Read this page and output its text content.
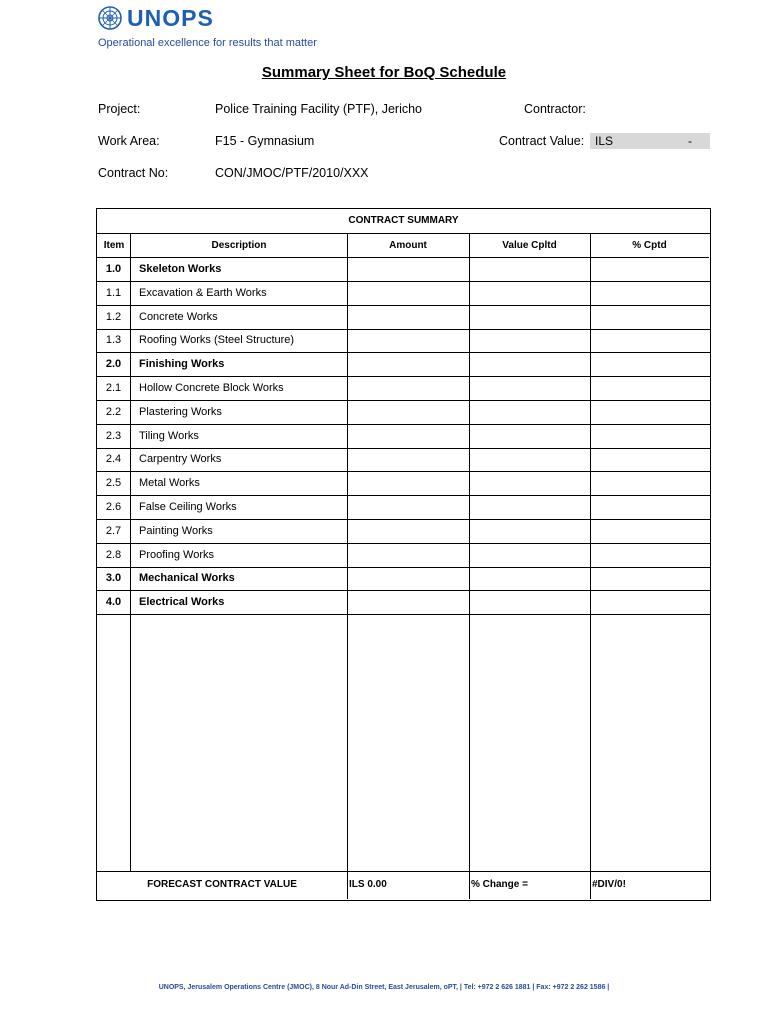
UNOPS
Operational excellence for results that matter
Summary Sheet for BoQ Schedule
Project:	Police Training Facility (PTF), Jericho	Contractor:
Work Area:	F15 - Gymnasium	Contract Value: ILS	-
Contract No:	CON/JMOC/PTF/2010/XXX
CONTRACT SUMMARY
Item	Description	Amount	Value Cpltd	% Cptd
1.0	Skeleton Works
1.1	Excavation & Earth Works
1.2	Concrete Works
1.3	Roofing Works (Steel Structure)
2.0	Finishing Works
2.1	Hollow Concrete Block Works
2.2	Plastering Works
2.3	Tiling Works
2.4	Carpentry Works
2.5	Metal Works
2.6	False Ceiling Works
2.7	Painting Works
2.8	Proofing Works
3.0	Mechanical Works
4.0	Electrical Works
FORECAST CONTRACT VALUE	ILS 0.00	% Change =	#DIV/0!
UNOPS, Jerusalem Operations Centre (JMOC), 8 Nour Ad-Din Street, East Jerusalem, oPT, | Tel: +972 2 626 1881 | Fax: +972 2 262 1586 |
